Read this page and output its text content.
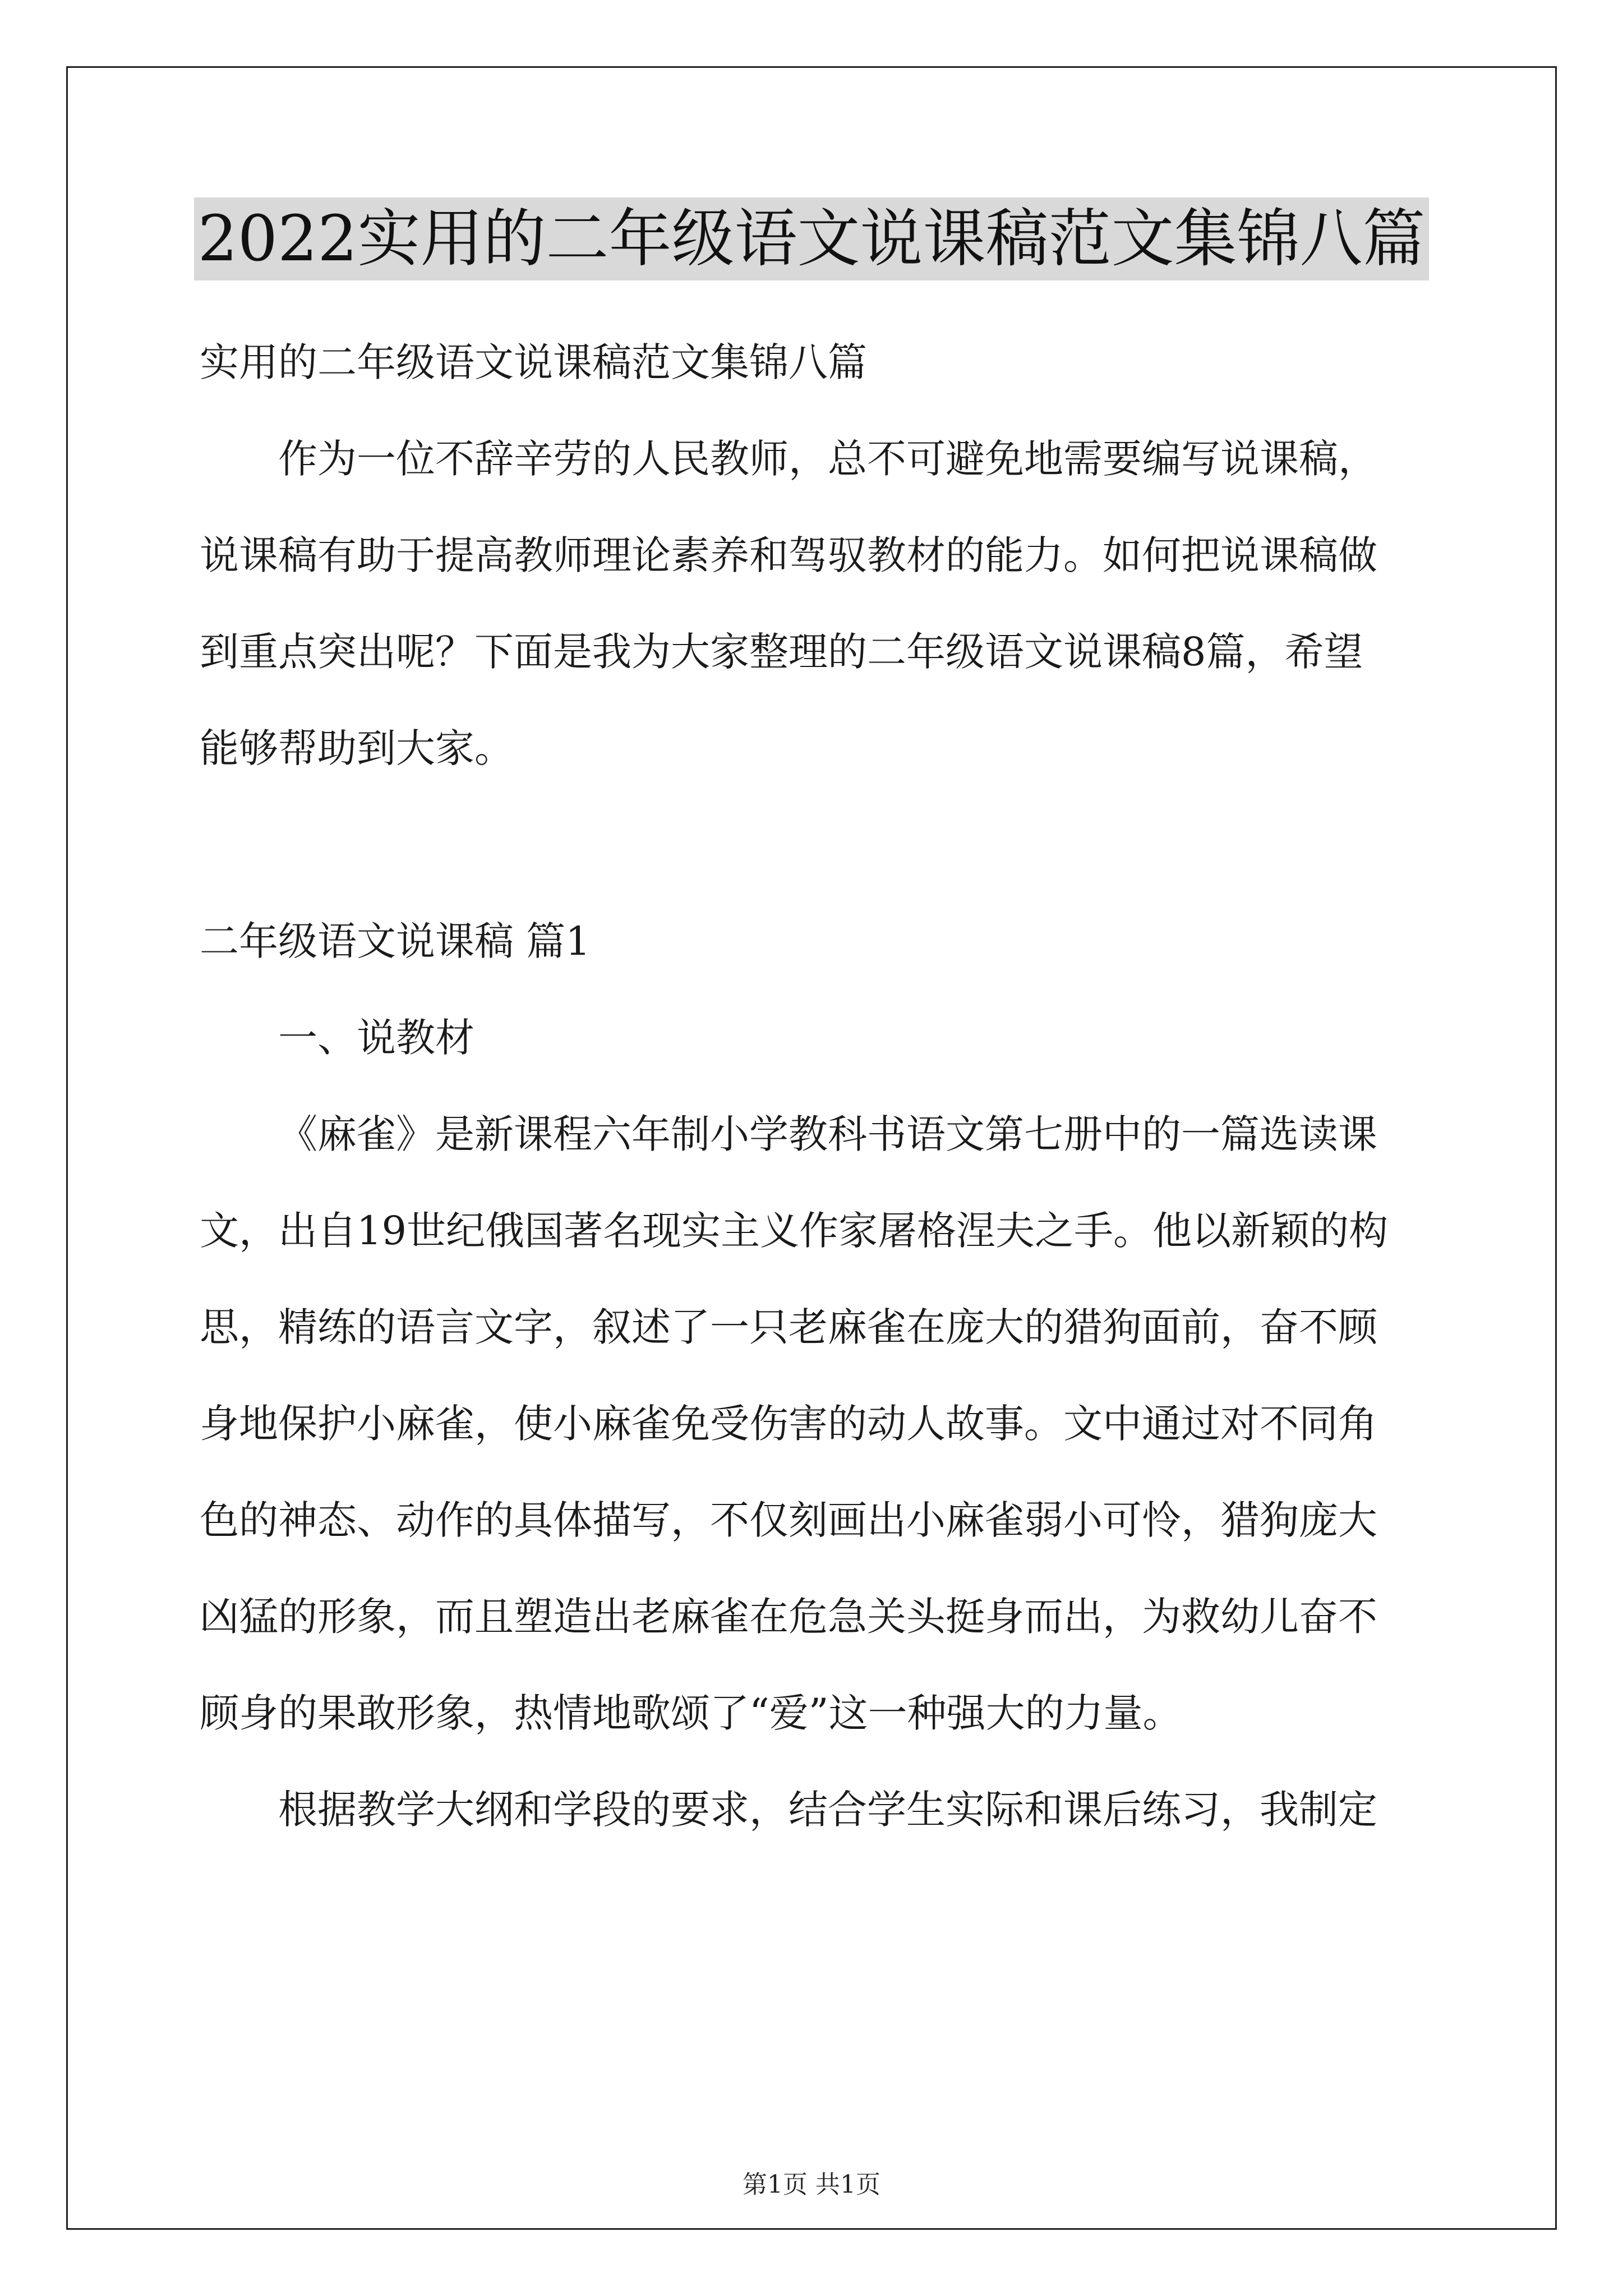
2022实用的二年级语文说课稿范文集锦八篇
实用的二年级语文说课稿范文集锦八篇
作为一位不辞辛劳的人民教师，总不可避免地需要编写说课稿，
说课稿有助于提高教师理论素养和驾驭教材的能力。如何把说课稿做
到重点突出呢？下面是我为大家整理的二年级语文说课稿8篇，希望
能够帮助到大家。
二年级语文说课稿 篇1
一、说教材
《麻雀》是新课程六年制小学教科书语文第七册中的一篇选读课
文，出自19世纪俄国著名现实主义作家屠格涅夫之手。他以新颖的构
思，精练的语言文字，叙述了一只老麻雀在庞大的猎狗面前，奋不顾
身地保护小麻雀，使小麻雀免受伤害的动人故事。文中通过对不同角
色的神态、动作的具体描写，不仅刻画出小麻雀弱小可怜，猎狗庞大
凶猛的形象，而且塑造出老麻雀在危急关头挺身而出，为救幼儿奋不
顾身的果敢形象，热情地歌颂了“爱”这一种强大的力量。
根据教学大纲和学段的要求，结合学生实际和课后练习，我制定
第1页 共1页
